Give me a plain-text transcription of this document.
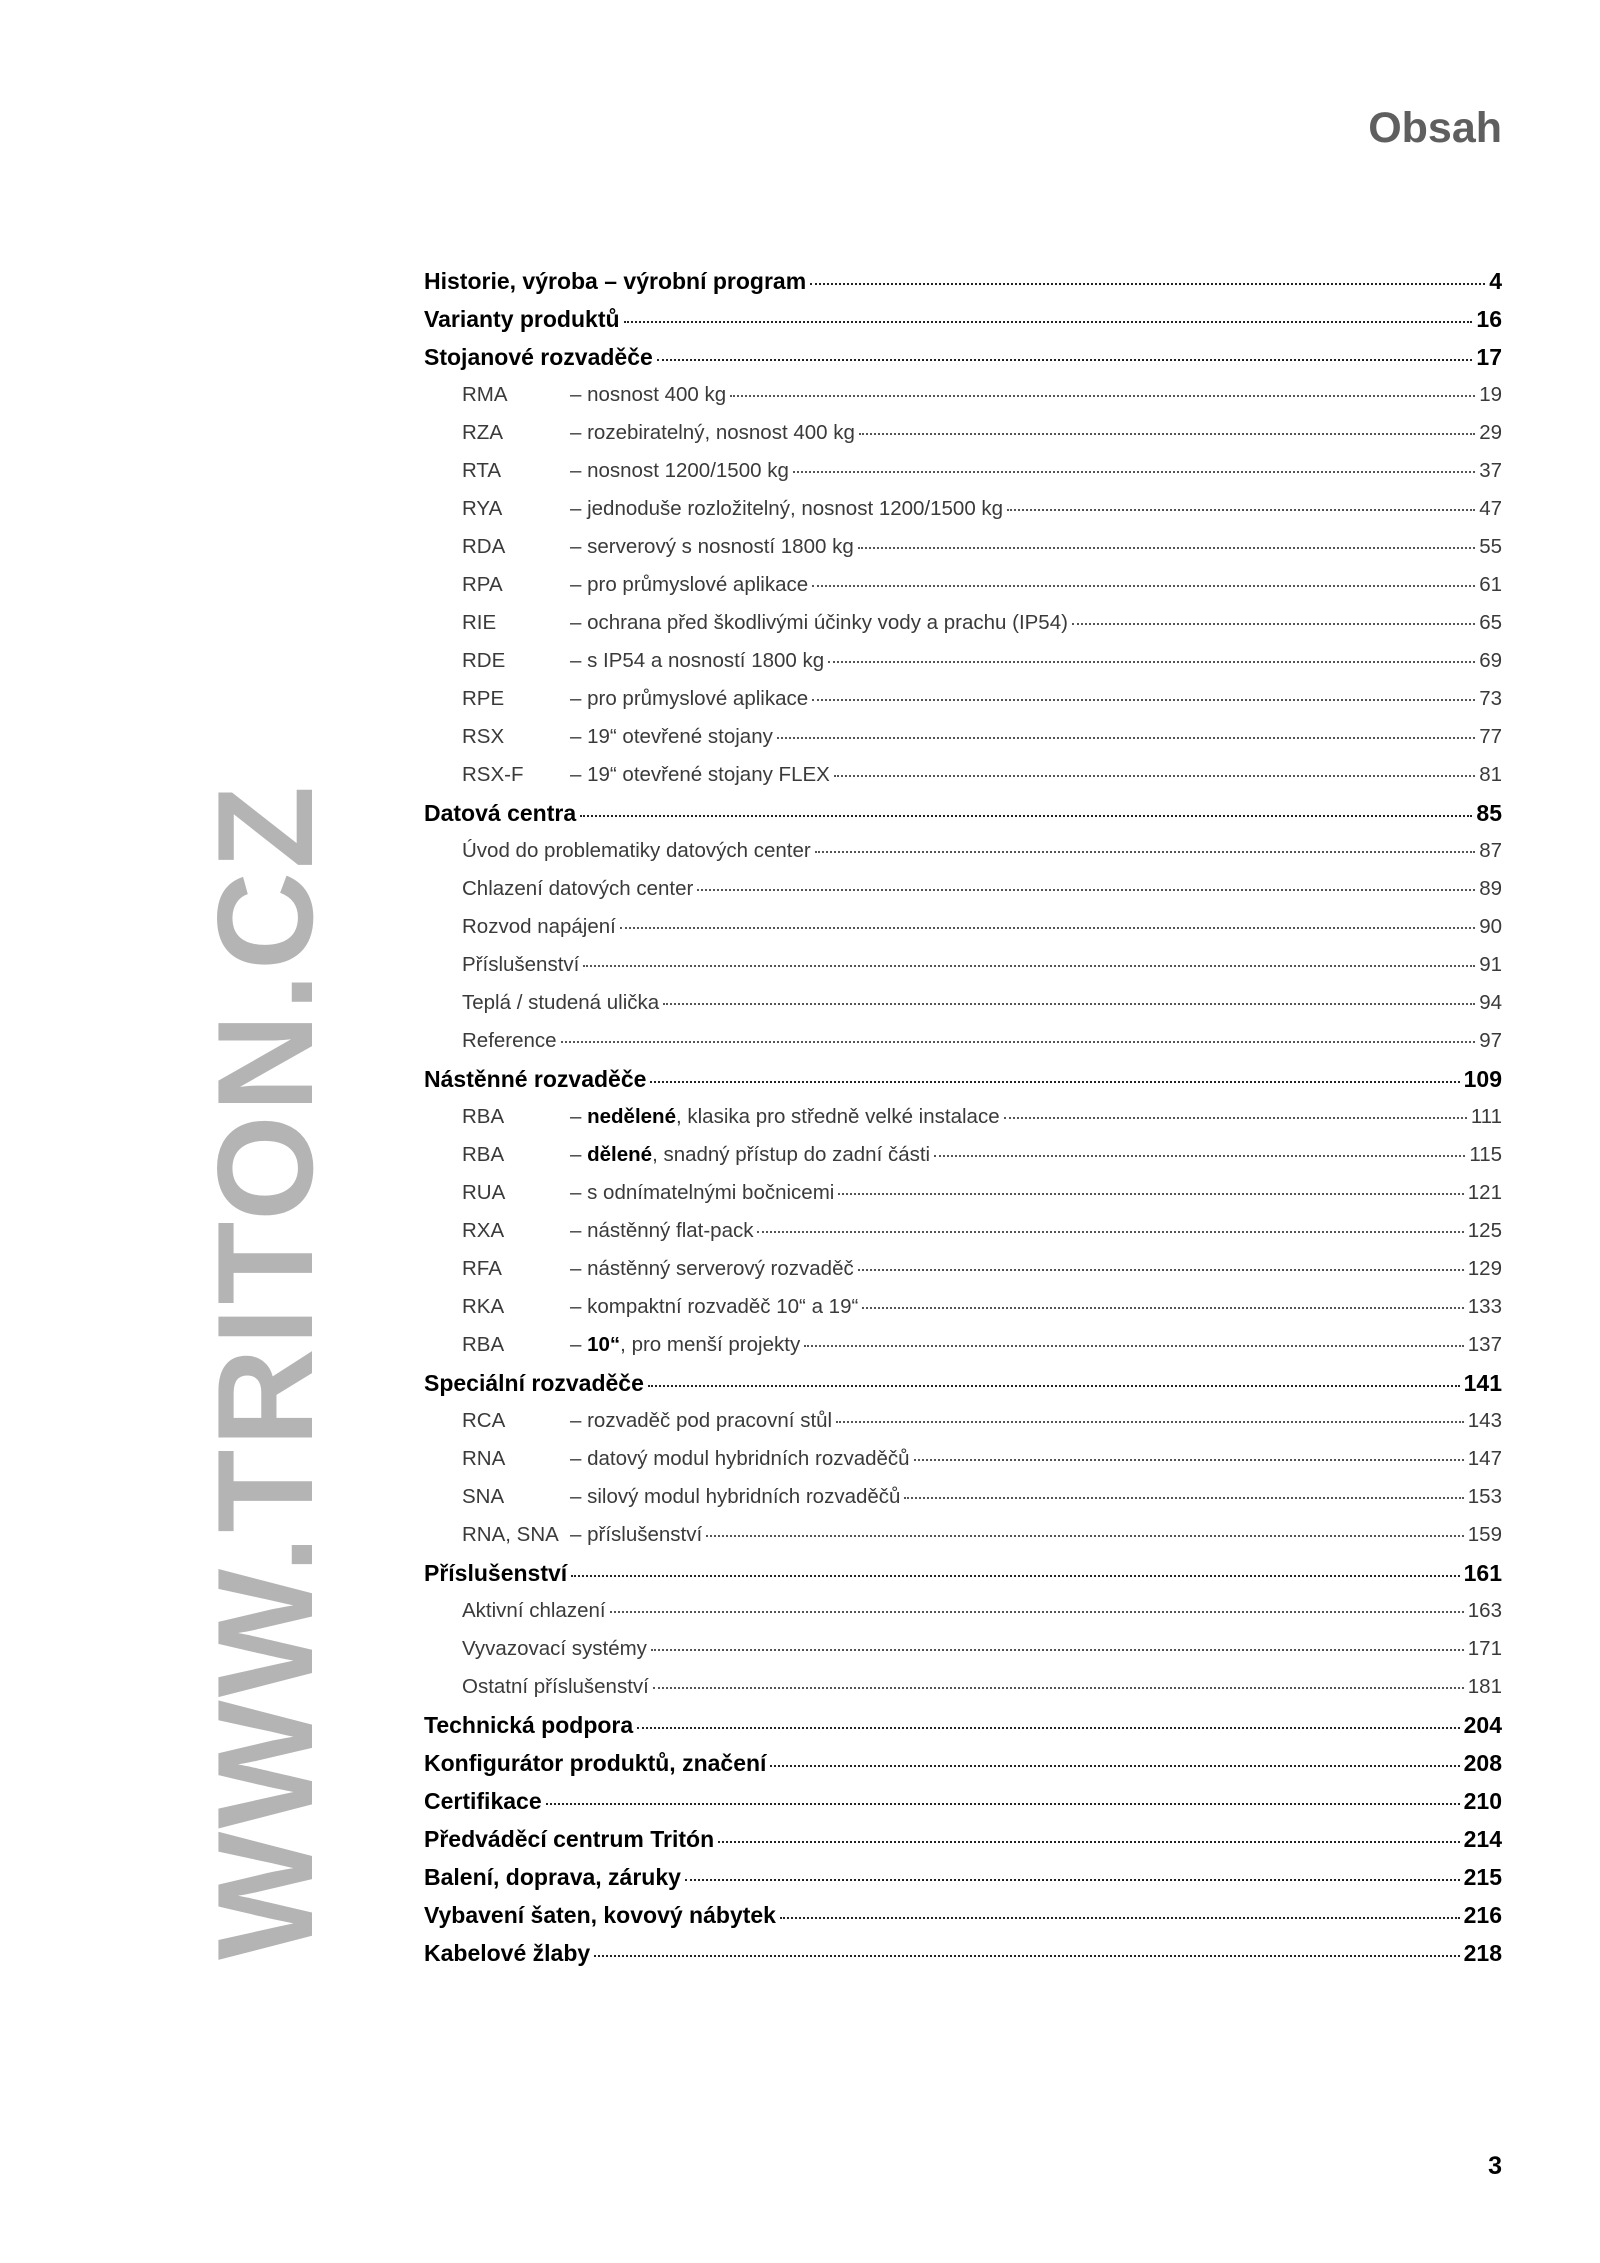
Obsah
WWW.TRITON.CZ
Historie, výroba – výrobní program	4
Varianty produktů	16
Stojanové rozvaděče	17
RMA	– nosnost 400 kg	19
RZA	– rozebiratelný, nosnost 400 kg	29
RTA	– nosnost 1200/1500 kg	37
RYA	– jednoduše rozložitelný, nosnost 1200/1500 kg	47
RDA	– serverový s nosností 1800 kg	55
RPA	– pro průmyslové aplikace	61
RIE	– ochrana před škodlivými účinky vody a prachu (IP54)	65
RDE	– s IP54 a nosností 1800 kg	69
RPE	– pro průmyslové aplikace	73
RSX	– 19“ otevřené stojany	77
RSX-F	– 19“ otevřené stojany FLEX	81
Datová centra	85
Úvod do problematiky datových center	87
Chlazení datových center	89
Rozvod napájení	90
Příslušenství	91
Teplá / studená ulička	94
Reference	97
Nástěnné rozvaděče	109
RBA	– nedělené, klasika pro středně velké instalace	111
RBA	– dělené, snadný přístup do zadní části	115
RUA	– s odnímatelnými bočnicemi	121
RXA	– nástěnný flat-pack	125
RFA	– nástěnný serverový rozvaděč	129
RKA	– kompaktní rozvaděč 10“ a 19“	133
RBA	– 10“, pro menší projekty	137
Speciální rozvaděče	141
RCA	– rozvaděč pod pracovní stůl	143
RNA	– datový modul hybridních rozvaděčů	147
SNA	– silový modul hybridních rozvaděčů	153
RNA, SNA – příslušenství	159
Příslušenství	161
Aktivní chlazení	163
Vyvazovací systémy	171
Ostatní příslušenství	181
Technická podpora	204
Konfigurátor produktů, značení	208
Certifikace	210
Předváděcí centrum Tritón	214
Balení, doprava, záruky	215
Vybavení šaten, kovový nábytek	216
Kabelové žlaby	218
3
